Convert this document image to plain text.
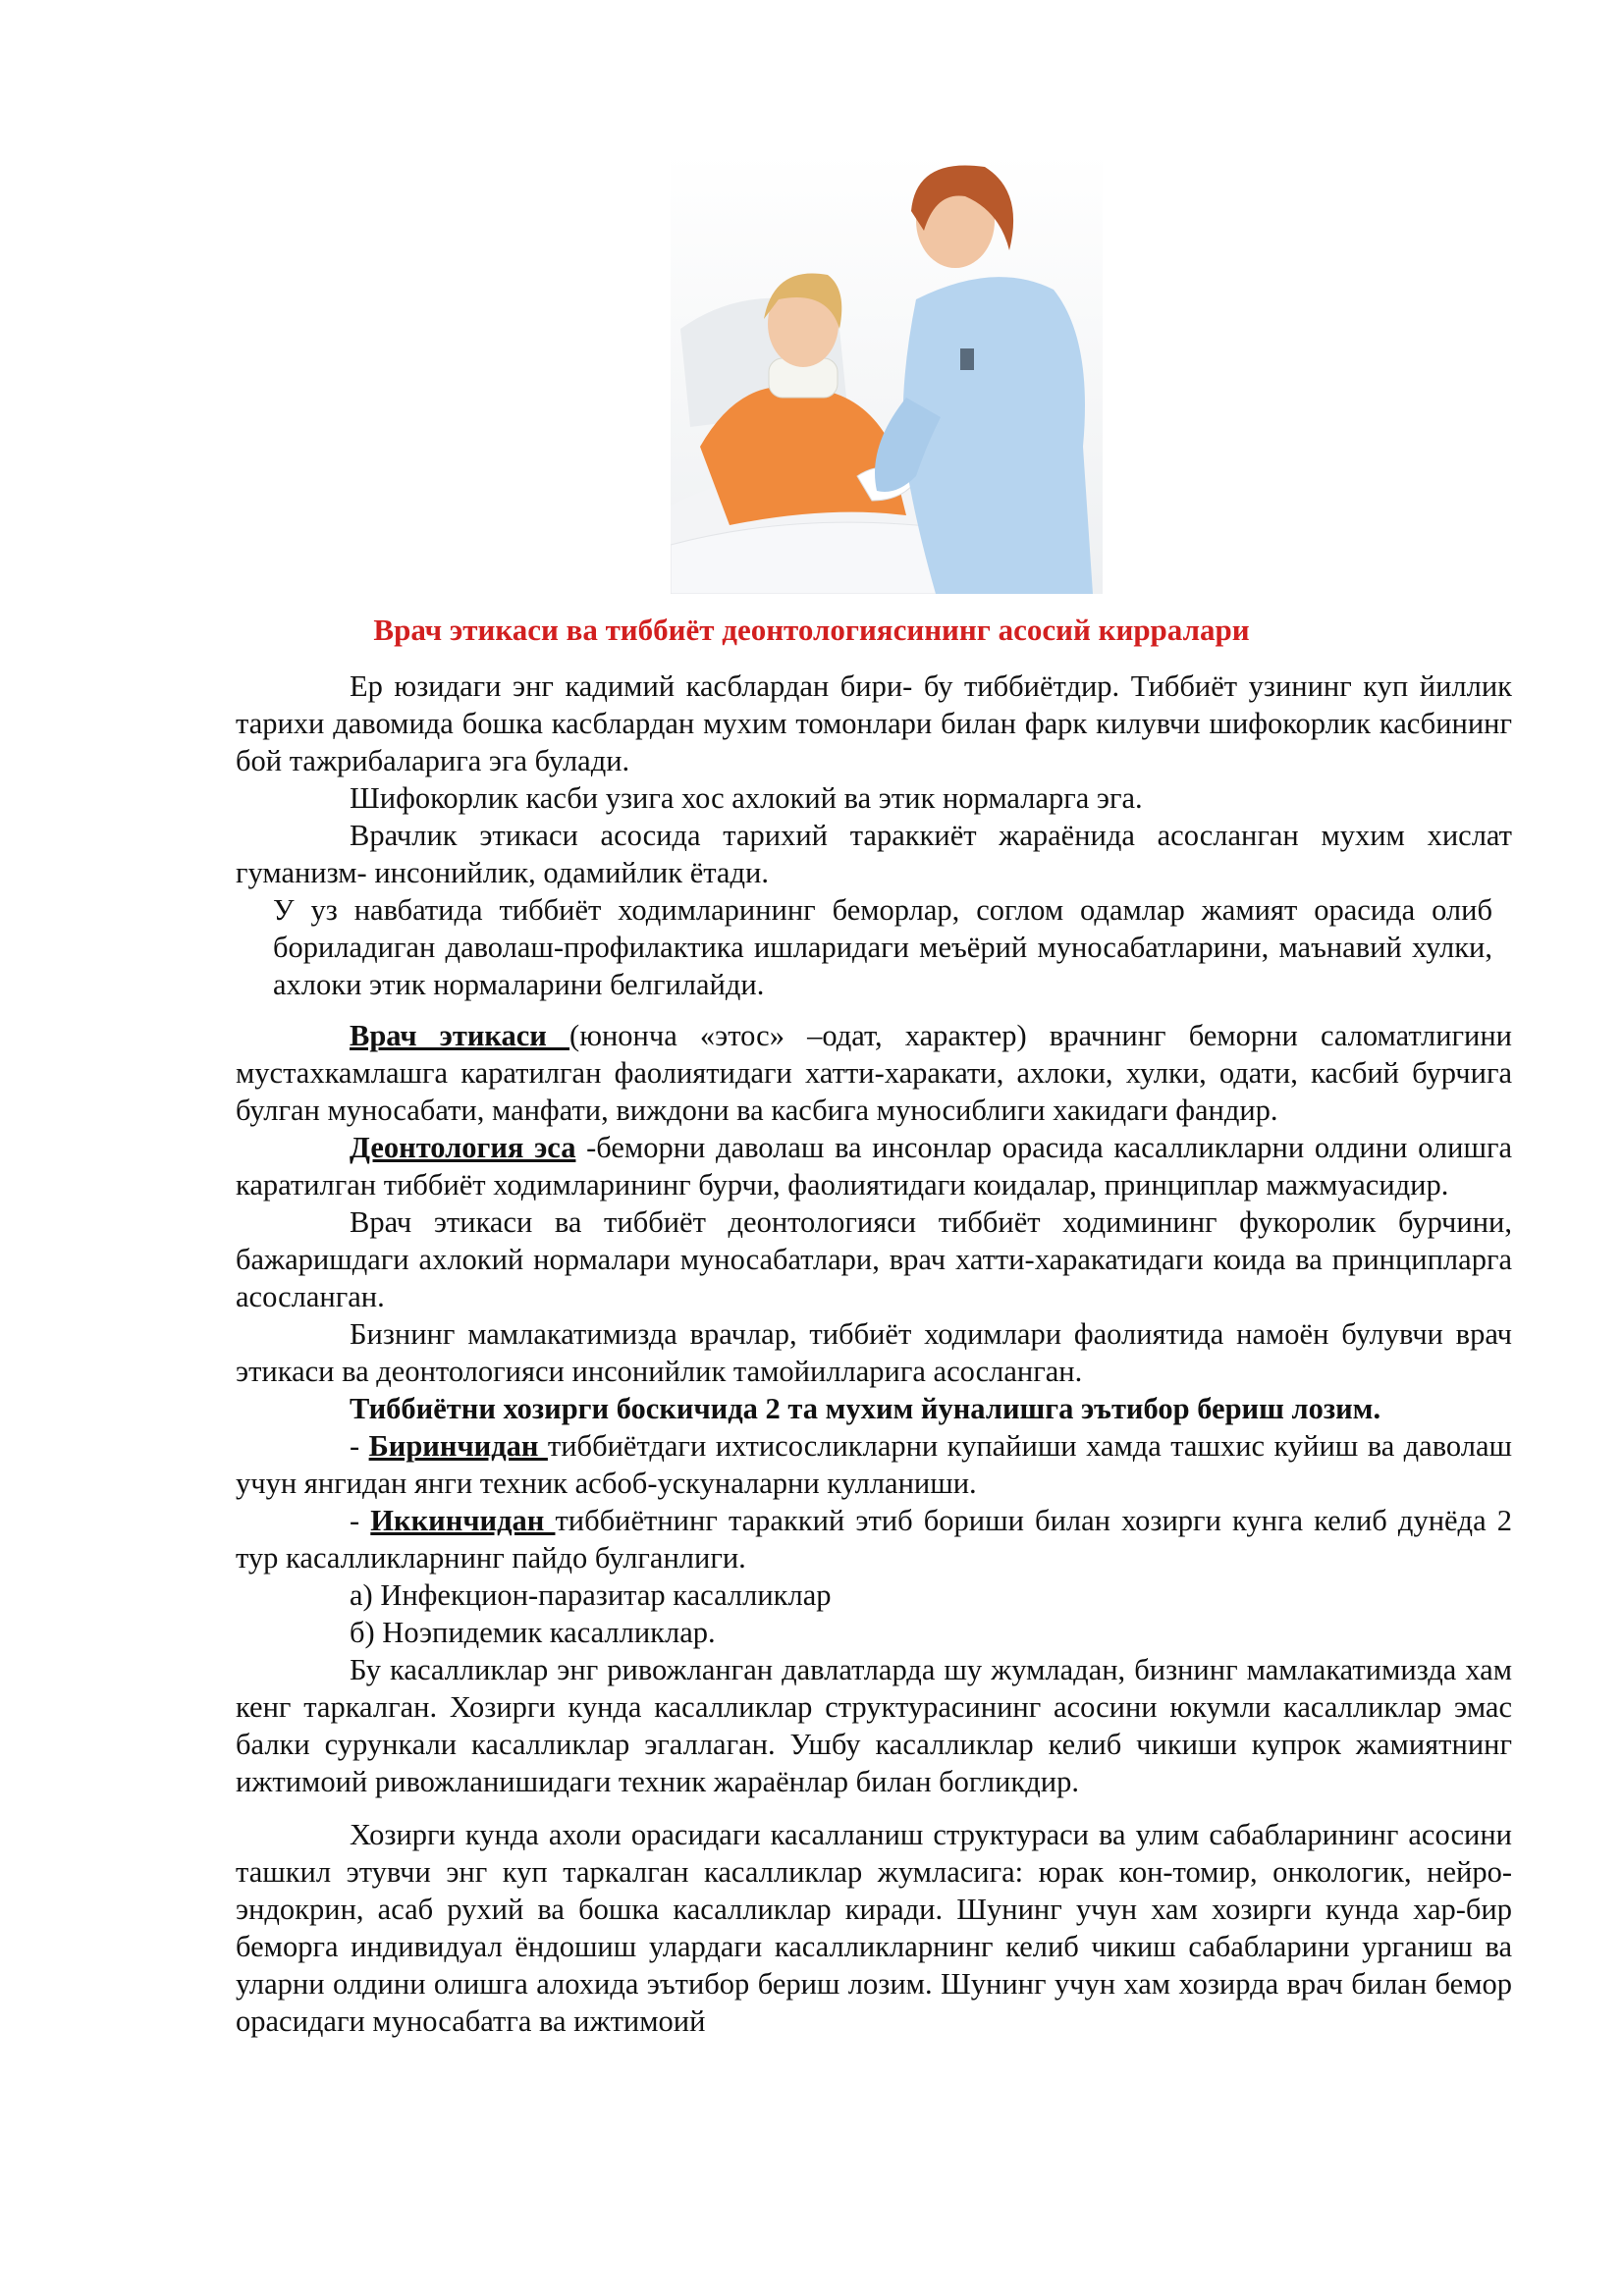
Врач этикаси ва тиббиёт деонтологиясининг асосий кирралари

Ер юзидаги энг кадимий касблардан бири- бу тиббиётдир. Тиббиёт узининг куп йиллик тарихи давомида бошка касблардан мухим томонлари билан фарк килувчи шифокорлик касбининг бой тажрибаларига эга булади.

Шифокорлик касби узига хос ахлокий ва этик нормаларга эга.

Врачлик этикаси асосида тарихий тараккиёт жараёнида асосланган мухим хислат гуманизм- инсонийлик, одамийлик ётади.

У уз навбатида тиббиёт ходимларининг беморлар, соглом одамлар жамият орасида олиб бориладиган даволаш-профилактика ишларидаги меъёрий муносабатларини, маънавий хулки, ахлоки этик нормаларини белгилайди.

Врач этикаси (юнонча «этос» –одат, характер) врачнинг беморни саломатлигини мустахкамлашга каратилган фаолиятидаги хатти-харакати, ахлоки, хулки, одати, касбий бурчига булган муносабати, манфати, виждони ва касбига муносиблиги хакидаги фандир.

Деонтология эса -беморни даволаш ва инсонлар орасида касалликларни олдини олишга каратилган тиббиёт ходимларининг бурчи, фаолиятидаги коидалар, принциплар мажмуасидир.

Врач этикаси ва тиббиёт деонтологияси тиббиёт ходимининг фукоролик бурчини, бажаришдаги ахлокий нормалари муносабатлари, врач хатти-харакатидаги коида ва принципларга асосланган.

Бизнинг мамлакатимизда врачлар, тиббиёт ходимлари фаолиятида намоён булувчи врач этикаси ва деонтологияси инсонийлик тамойилларига асосланган.

Тиббиётни хозирги боскичида 2 та мухим йуналишга эътибор бериш лозим.

- Биринчидан тиббиётдаги ихтисосликларни купайиши хамда ташхис куйиш ва даволаш учун янгидан янги техник асбоб-ускуналарни кулланиши.

- Иккинчидан тиббиётнинг тараккий этиб бориши билан хозирги кунга келиб дунёда 2 тур касалликларнинг пайдо булганлиги.

а) Инфекцион-паразитар касалликлар

б) Ноэпидемик касалликлар.

Бу касалликлар энг ривожланган давлатларда шу жумладан, бизнинг мамлакатимизда хам кенг таркалган. Хозирги кунда касалликлар структурасининг асосини юкумли касалликлар эмас балки сурункали касалликлар эгаллаган. Ушбу касалликлар келиб чикиши купрок жамиятнинг ижтимоий ривожланишидаги техник жараёнлар билан богликдир.

Хозирги кунда ахоли орасидаги касалланиш структураси ва улим сабабларининг асосини ташкил этувчи энг куп таркалган касалликлар жумласига: юрак кон-томир, онкологик, нейро-эндокрин, асаб рухий ва бошка касалликлар киради. Шунинг учун хам хозирги кунда хар-бир беморга индивидуал ёндошиш улардаги касалликларнинг келиб чикиш сабабларини урганиш ва уларни олдини олишга алохида эътибор бериш лозим. Шунинг учун хам хозирда врач билан бемор орасидаги муносабатга ва ижтимоий
